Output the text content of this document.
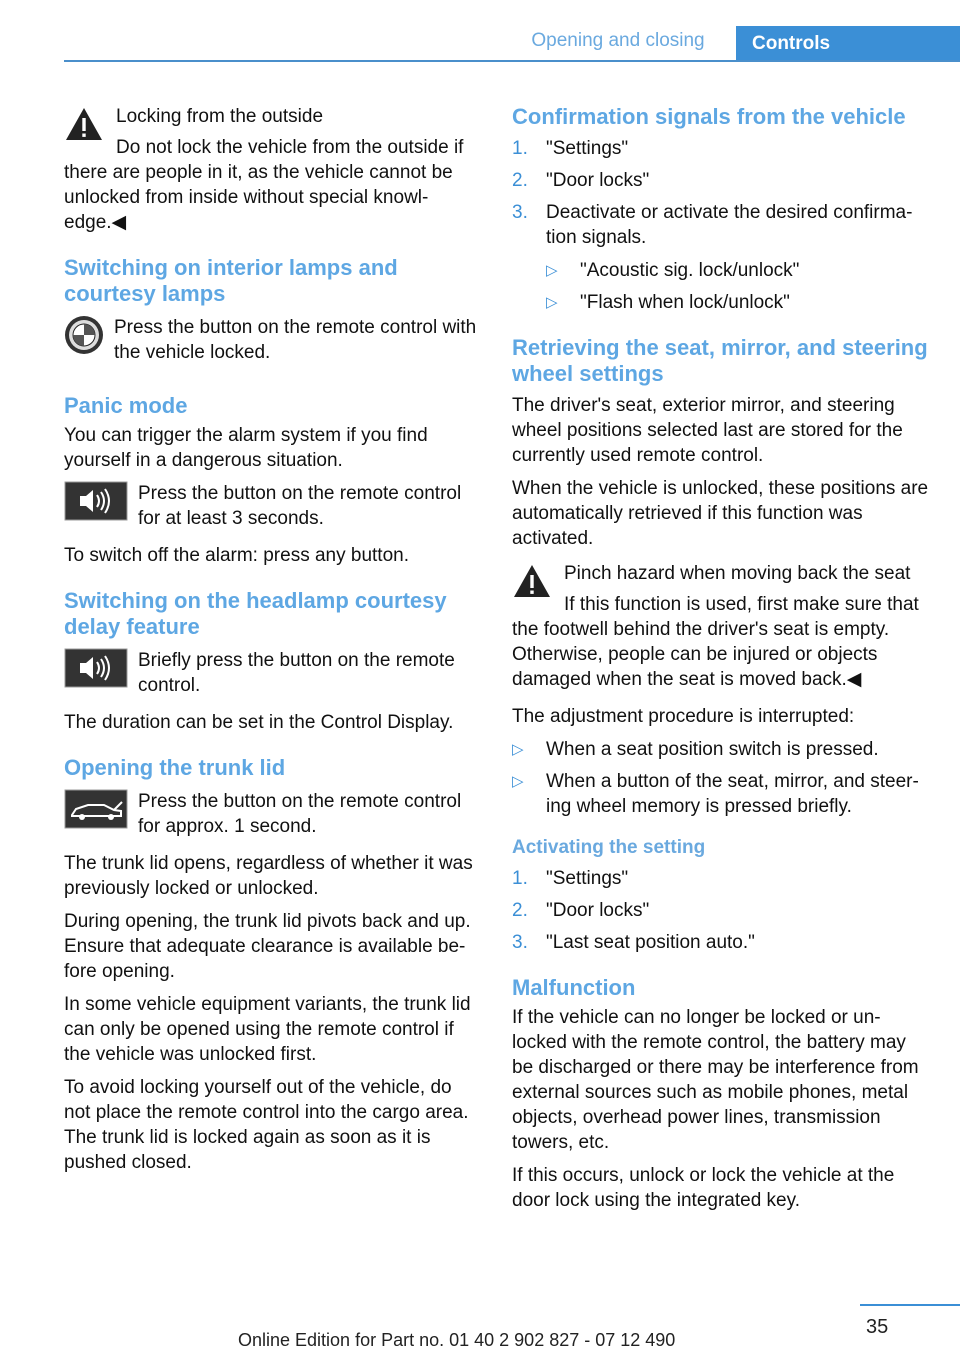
Opening and closing	Controls

Locking from the outside

Do not lock the vehicle from the outside if there are people in it, as the vehicle cannot be unlocked from inside without special knowl‐edge.◀

Switching on interior lamps and courtesy lamps
Press the button on the remote control with the vehicle locked.
Panic mode

You can trigger the alarm system if you find yourself in a dangerous situation.

Press the button on the remote control for at least 3 seconds.

To switch off the alarm: press any button.

Switching on the headlamp courtesy delay feature
Briefly press the button on the remote control.

The duration can be set in the Control Display.

Opening the trunk lid
Press the button on the remote control for approx. 1 second.

The trunk lid opens, regardless of whether it was previously locked or unlocked.

During opening, the trunk lid pivots back and up. Ensure that adequate clearance is available be‐fore opening.

In some vehicle equipment variants, the trunk lid can only be opened using the remote control if the vehicle was unlocked first.

To avoid locking yourself out of the vehicle, do not place the remote control into the cargo area. The trunk lid is locked again as soon as it is pushed closed.

Confirmation signals from the vehicle
1. "Settings"
2. "Door locks"
3. Deactivate or activate the desired confirma‐tion signals.
▷ "Acoustic sig. lock/unlock"
▷ "Flash when lock/unlock"
Retrieving the seat, mirror, and steering wheel settings

The driver's seat, exterior mirror, and steering wheel positions selected last are stored for the currently used remote control.

When the vehicle is unlocked, these positions are automatically retrieved if this function was activated.

Pinch hazard when moving back the seat

If this function is used, first make sure that the footwell behind the driver's seat is empty. Otherwise, people can be injured or objects damaged when the seat is moved back.◀

The adjustment procedure is interrupted:

▷ When a seat position switch is pressed.
▷ When a button of the seat, mirror, and steer‐ing wheel memory is pressed briefly.
Activating the setting
1. "Settings"
2. "Door locks"
3. "Last seat position auto."
Malfunction

If the vehicle can no longer be locked or un‐locked with the remote control, the battery may be discharged or there may be interference from external sources such as mobile phones, metal objects, overhead power lines, transmission towers, etc.

If this occurs, unlock or lock the vehicle at the door lock using the integrated key.

35
Online Edition for Part no. 01 40 2 902 827 - 07 12 490
